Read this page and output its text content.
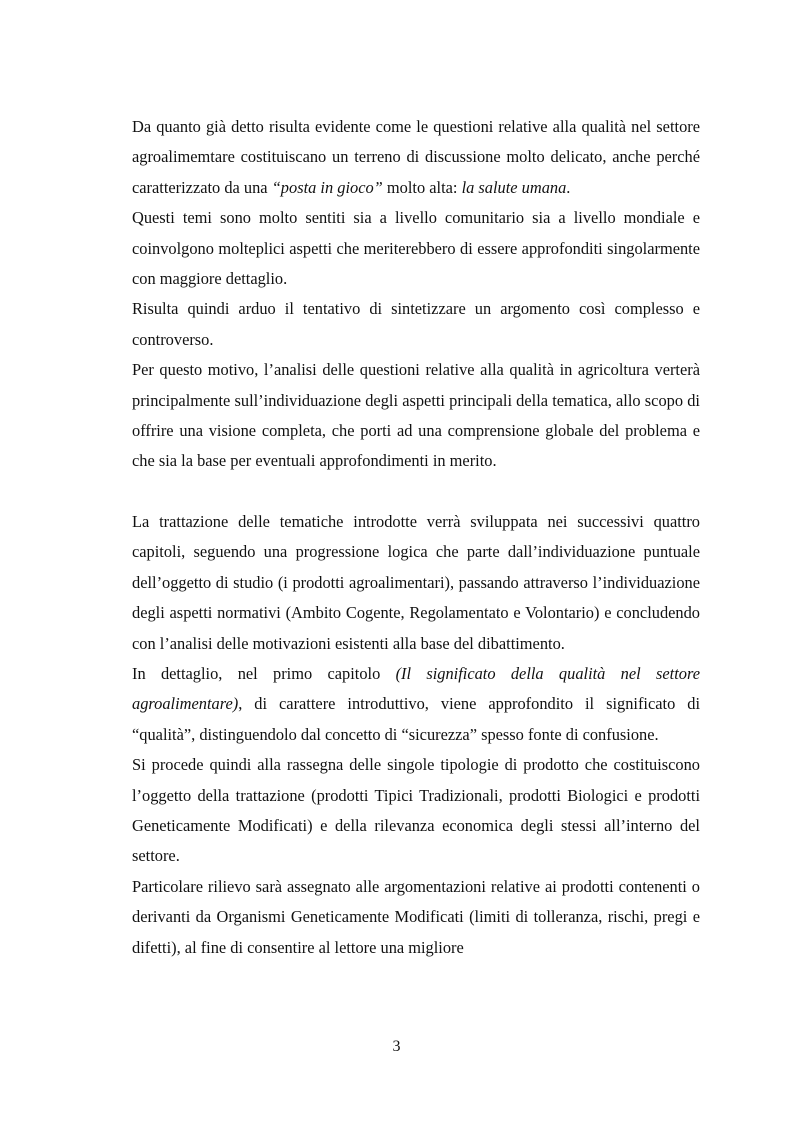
Da quanto già detto risulta evidente come le questioni relative alla qualità nel settore agroalimemtare costituiscano un terreno di discussione molto delicato, anche perché caratterizzato da una “posta in gioco” molto alta: la salute umana.

Questi temi sono molto sentiti sia a livello comunitario sia a livello mondiale e coinvolgono molteplici aspetti che meriterebbero di essere approfonditi singolarmente con maggiore dettaglio.

Risulta quindi arduo il tentativo di sintetizzare un argomento così complesso e controverso.

Per questo motivo, l’analisi delle questioni relative alla qualità in agricoltura verterà principalmente sull’individuazione degli aspetti principali della tematica, allo scopo di offrire una visione completa, che porti ad una comprensione globale del problema e che sia la base per eventuali approfondimenti in merito.

La trattazione delle tematiche introdotte verrà sviluppata nei successivi quattro capitoli, seguendo una progressione logica che parte dall’individuazione puntuale dell’oggetto di studio (i prodotti agroalimentari), passando attraverso l’individuazione degli aspetti normativi (Ambito Cogente, Regolamentato e Volontario) e concludendo con l’analisi delle motivazioni esistenti alla base del dibattimento.

In dettaglio, nel primo capitolo (Il significato della qualità nel settore agroalimentare), di carattere introduttivo, viene approfondito il significato di “qualità”, distinguendolo dal concetto di “sicurezza” spesso fonte di confusione.

Si procede quindi alla rassegna delle singole tipologie di prodotto che costituiscono l’oggetto della trattazione (prodotti Tipici Tradizionali, prodotti Biologici e prodotti Geneticamente Modificati) e della rilevanza economica degli stessi all’interno del settore.

Particolare rilievo sarà assegnato alle argomentazioni relative ai prodotti contenenti o derivanti da Organismi Geneticamente Modificati (limiti di tolleranza, rischi, pregi e difetti), al fine di consentire al lettore una migliore

3
